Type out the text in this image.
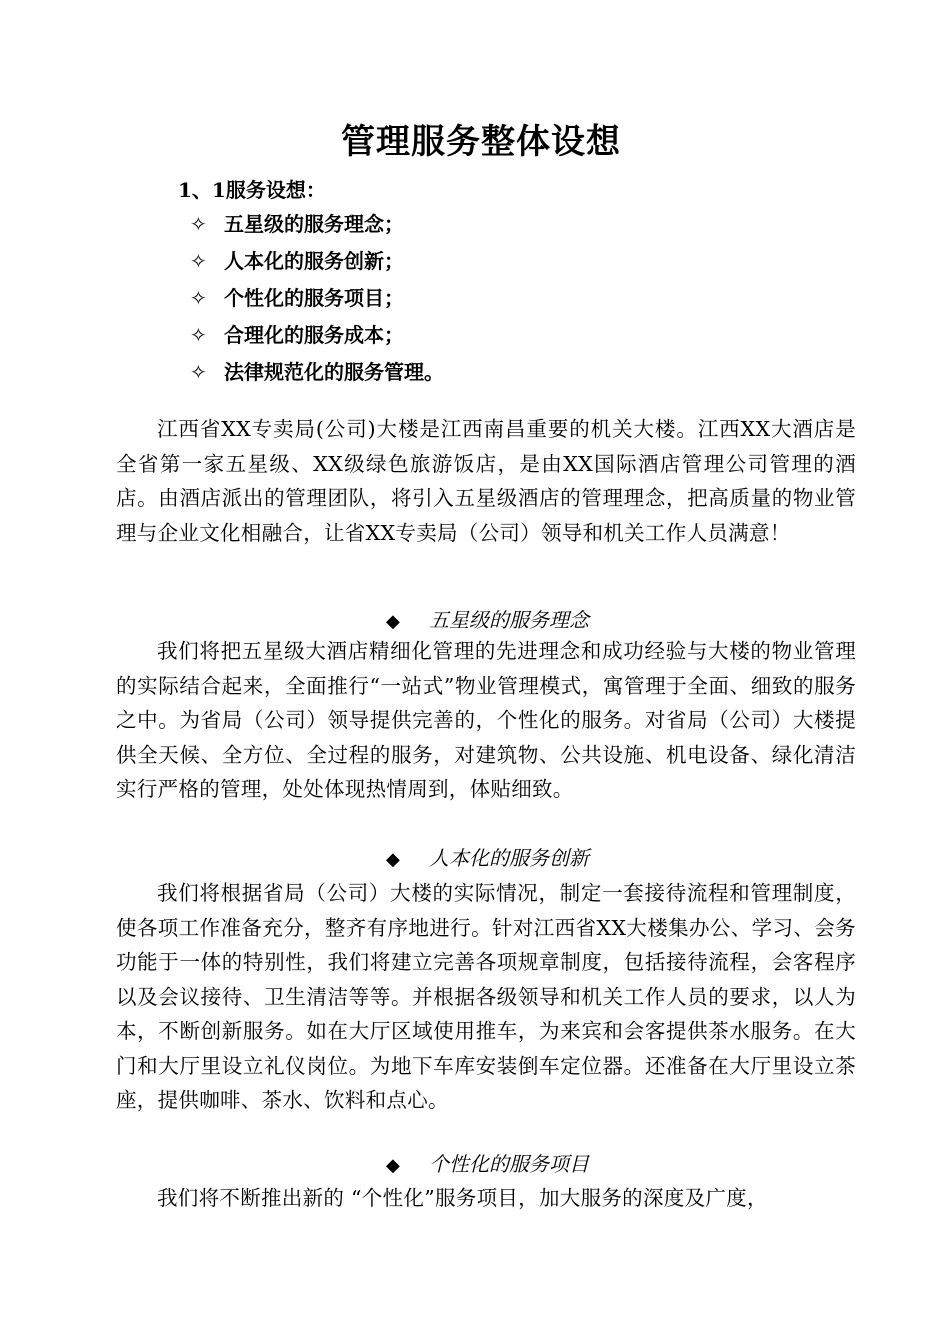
管理服务整体设想
1、1服务设想：
✧ 五星级的服务理念；
✧ 人本化的服务创新；
✧ 个性化的服务项目；
✧ 合理化的服务成本；
✧ 法律规范化的服务管理。

江西省XX专卖局(公司)大楼是江西南昌重要的机关大楼。江西XX大酒店是全省第一家五星级、XX级绿色旅游饭店，是由XX国际酒店管理公司管理的酒店。由酒店派出的管理团队，将引入五星级酒店的管理理念，把高质量的物业管理与企业文化相融合，让省XX专卖局（公司）领导和机关工作人员满意！

◆ 五星级的服务理念

我们将把五星级大酒店精细化管理的先进理念和成功经验与大楼的物业管理的实际结合起来，全面推行“一站式”物业管理模式，寓管理于全面、细致的服务之中。为省局（公司）领导提供完善的，个性化的服务。对省局（公司）大楼提供全天候、全方位、全过程的服务，对建筑物、公共设施、机电设备、绿化清洁实行严格的管理，处处体现热情周到，体贴细致。

◆ 人本化的服务创新

我们将根据省局（公司）大楼的实际情况，制定一套接待流程和管理制度，使各项工作准备充分，整齐有序地进行。针对江西省XX大楼集办公、学习、会务功能于一体的特别性，我们将建立完善各项规章制度，包括接待流程，会客程序以及会议接待、卫生清洁等等。并根据各级领导和机关工作人员的要求，以人为本，不断创新服务。如在大厅区域使用推车，为来宾和会客提供茶水服务。在大门和大厅里设立礼仪岗位。为地下车库安装倒车定位器。还准备在大厅里设立茶座，提供咖啡、茶水、饮料和点心。

◆ 个性化的服务项目

我们将不断推出新的 “个性化”服务项目，加大服务的深度及广度，
